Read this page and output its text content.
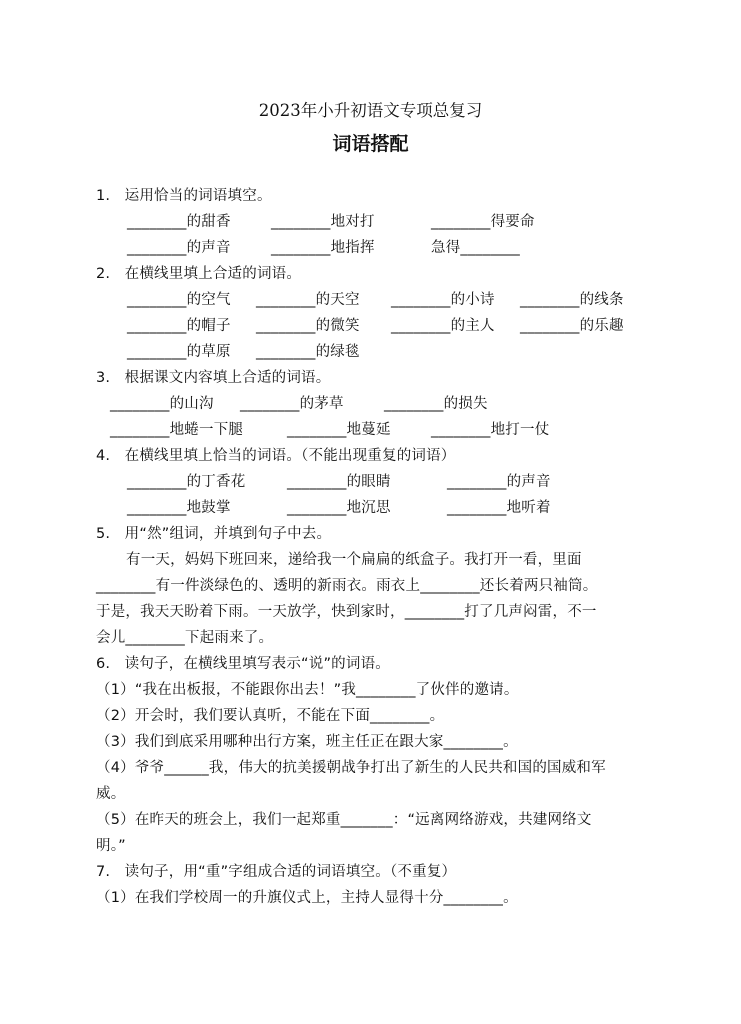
2023年小升初语文专项总复习
词语搭配
1.   运用恰当的词语填空。
________的甜香	________地对打	________得要命
________的声音	________地指挥	急得________
2.   在横线里填上合适的词语。
________的空气 ________的天空 ________的小诗 ________的线条
________的帽子 ________的微笑 ________的主人 ________的乐趣
________的草原 ________的绿毯
3.   根据课文内容填上合适的词语。
________的山沟 ________的茅草	________的损失
________地蜷一下腿	________地蔓延	________地打一仗
4.   在横线里填上恰当的词语。（不能出现重复的词语）
________的丁香花	________的眼睛	________的声音
________地鼓掌	________地沉思	________地听着
5.   用“然”组词，并填到句子中去。
有一天，妈妈下班回来，递给我一个扁扁的纸盒子。我打开一看，里面
________有一件淡绿色的、透明的新雨衣。雨衣上________还长着两只袖筒。
于是，我天天盼着下雨。一天放学，快到家时，________打了几声闷雷，不一
会儿________下起雨来了。
6.   读句子，在横线里填写表示“说”的词语。
（1）“我在出板报，不能跟你出去！”我________了伙伴的邀请。
（2）开会时，我们要认真听，不能在下面________。
（3）我们到底采用哪种出行方案，班主任正在跟大家________。
（4）爷爷______我，伟大的抗美援朝战争打出了新生的人民共和国的国威和军
威。
（5）在昨天的班会上，我们一起郑重_______：“远离网络游戏，共建网络文
明。”
7.   读句子，用“重”字组成合适的词语填空。（不重复）
（1）在我们学校周一的升旗仪式上，主持人显得十分________。
